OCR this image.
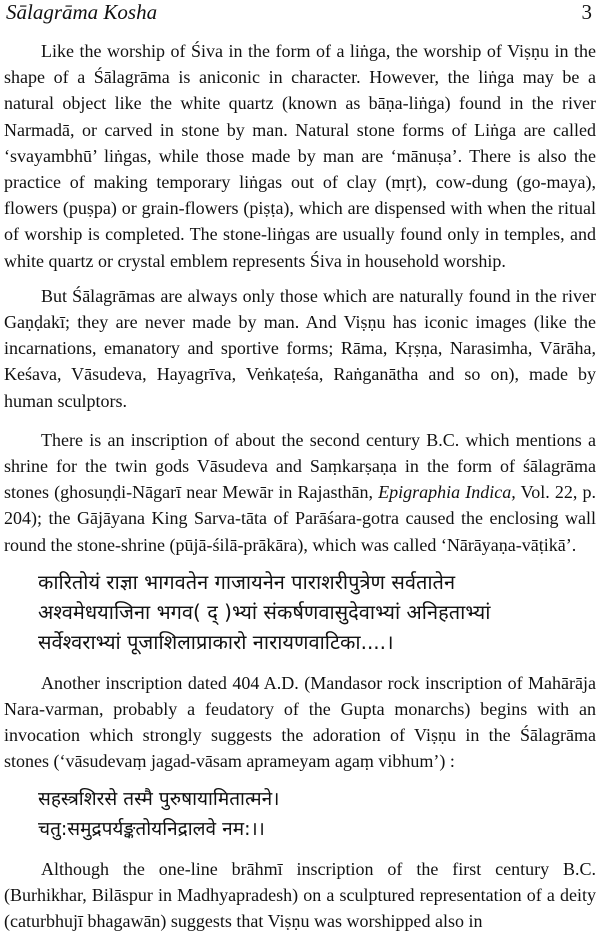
Sālagrāma Kosha	3

Like the worship of Śiva in the form of a liṅga, the worship of Viṣṇu in the shape of a Śālagrāma is aniconic in character. However, the liṅga may be a natural object like the white quartz (known as bāṇa-liṅga) found in the river Narmadā, or carved in stone by man. Natural stone forms of Liṅga are called ‘svayambhū’ liṅgas, while those made by man are ‘mānuṣa’. There is also the practice of making temporary liṅgas out of clay (mṛt), cow-dung (go-maya), flowers (puṣpa) or grain-flowers (piṣṭa), which are dispensed with when the ritual of worship is completed. The stone-liṅgas are usually found only in temples, and white quartz or crystal emblem represents Śiva in household worship.

But Śālagrāmas are always only those which are naturally found in the river Gaṇḍakī; they are never made by man. And Viṣṇu has iconic images (like the incarnations, emanatory and sportive forms; Rāma, Kṛṣṇa, Narasimha, Vārāha, Keśava, Vāsudeva, Hayagrīva, Veṅkaṭeśa, Raṅganātha and so on), made by human sculptors.

There is an inscription of about the second century B.C. which mentions a shrine for the twin gods Vāsudeva and Saṃkarṣaṇa in the form of śālagrāma stones (ghosuṇḍi-Nāgarī near Mewār in Rajasthān, Epigraphia Indica, Vol. 22, p. 204); the Gājāyana King Sarva-tāta of Parāśara-gotra caused the enclosing wall round the stone-shrine (pūjā-śilā-prākāra), which was called ‘Nārāyaṇa-vāṭikā’.

कारितोयं राज्ञा भागवतेन गाजायनेन पाराशरीपुत्रेण सर्वतातेन
अश्वमेधयाजिना भगव( द् )भ्यां संकर्षणवासुदेवाभ्यां अनिहताभ्यां
सर्वेश्वराभ्यां पूजाशिलाप्राकारो नारायणवाटिका....।

Another inscription dated 404 A.D. (Mandasor rock inscription of Mahārāja Nara-varman, probably a feudatory of the Gupta monarchs) begins with an invocation which strongly suggests the adoration of Viṣṇu in the Śālagrāma stones (‘vāsudevaṃ jagad-vāsam aprameyam agaṃ vibhum’) :

सहस्त्रशिरसे तस्मै पुरुषायामितात्मने।
चतु:समुद्रपर्यङ्कतोयनिद्रालवे नम:।।

Although the one-line brāhmī inscription of the first century B.C. (Burhikhar, Bilāspur in Madhyapradesh) on a sculptured representation of a deity (caturbhujī bhagawān) suggests that Viṣṇu was worshipped also in
